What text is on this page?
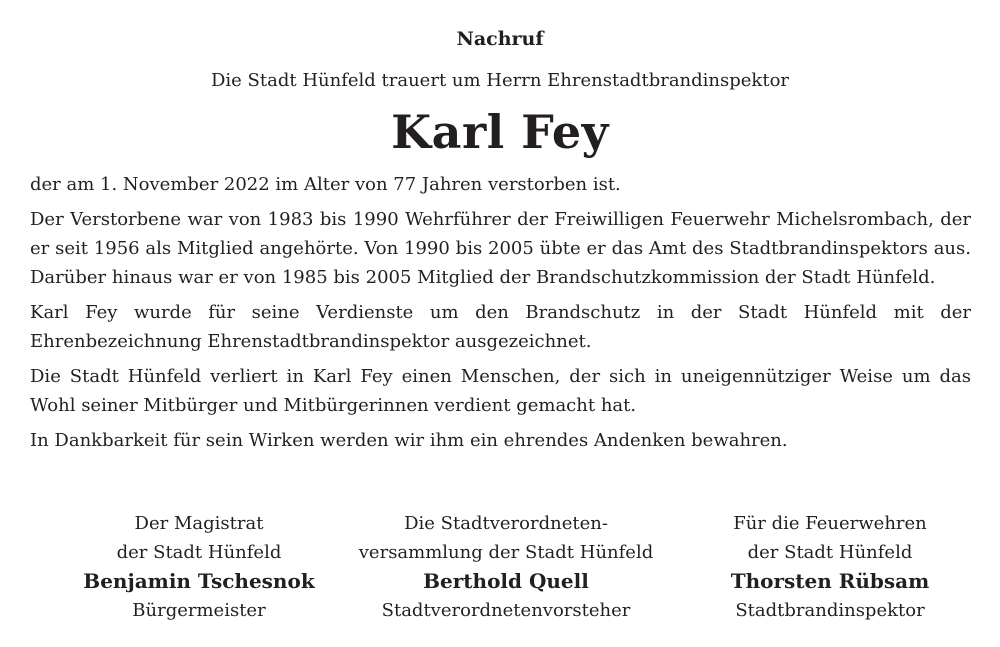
Nachruf
Die Stadt Hünfeld trauert um Herrn Ehrenstadtbrandinspektor
Karl Fey

der am 1. November 2022 im Alter von 77 Jahren verstorben ist.

Der Verstorbene war von 1983 bis 1990 Wehrführer der Freiwilligen Feuerwehr Michelsrombach, der er seit 1956 als Mitglied angehörte. Von 1990 bis 2005 übte er das Amt des Stadtbrandinspektors aus. Darüber hinaus war er von 1985 bis 2005 Mitglied der Brandschutzkommission der Stadt Hünfeld.

Karl Fey wurde für seine Verdienste um den Brandschutz in der Stadt Hünfeld mit der Ehrenbezeichnung Ehrenstadtbrandinspektor ausgezeichnet.

Die Stadt Hünfeld verliert in Karl Fey einen Menschen, der sich in uneigennütziger Weise um das Wohl seiner Mitbürger und Mitbürgerinnen verdient gemacht hat.

In Dankbarkeit für sein Wirken werden wir ihm ein ehrendes Andenken bewahren.

Der Magistrat
der Stadt Hünfeld
Benjamin Tschesnok
Bürgermeister
Die Stadtverordneten-
versammlung der Stadt Hünfeld
Berthold Quell
Stadtverordnetenvorsteher
Für die Feuerwehren
der Stadt Hünfeld
Thorsten Rübsam
Stadtbrandinspektor
